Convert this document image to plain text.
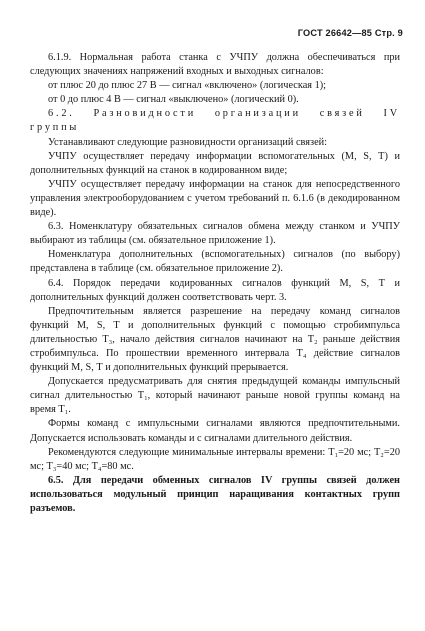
ГОСТ 26642—85 Стр. 9

6.1.9. Нормальная работа станка с УЧПУ должна обеспечиваться при следующих значениях напряжений входных и выходных сигналов:

от плюс 20 до плюс 27 В — сигнал «включено» (логическая 1);

от 0 до плюс 4 В — сигнал «выключено» (логический 0).

6.2. Разновидности организации связей IV группы

Устанавливают следующие разновидности организаций связей:

УЧПУ осуществляет передачу информации вспомогательных (М, S, Т) и дополнительных функций на станок в кодированном виде;

УЧПУ осуществляет передачу информации на станок для непосредственного управления электрооборудованием с учетом требований п. 6.1.6 (в декодированном виде).

6.3. Номенклатуру обязательных сигналов обмена между станком и УЧПУ выбирают из таблицы (см. обязательное приложение 1).

Номенклатура дополнительных (вспомогательных) сигналов (по выбору) представлена в таблице (см. обязательное приложение 2).

6.4. Порядок передачи кодированных сигналов функций М, S, Т и дополнительных функций должен соответствовать черт. 3.

Предпочтительным является разрешение на передачу команд сигналов функций М, S, Т и дополнительных функций с помощью стробимпульса длительностью T₃, начало действия сигналов начинают на T₂ раньше действия стробимпульса. По прошествии временного интервала T₄ действие сигналов функций М, S, Т и дополнительных функций прерывается.

Допускается предусматривать для снятия предыдущей команды импульсный сигнал длительностью T₁, который начинают раньше новой группы команд на время T₁.

Формы команд с импульсными сигналами являются предпочтительными. Допускается использовать команды и с сигналами длительного действия.

Рекомендуются следующие минимальные интервалы времени: T₁=20 мс; T₂=20 мс; T₃=40 мс; T₄=80 мс.

6.5. Для передачи обменных сигналов IV группы связей должен использоваться модульный принцип наращивания контактных групп разъемов.
